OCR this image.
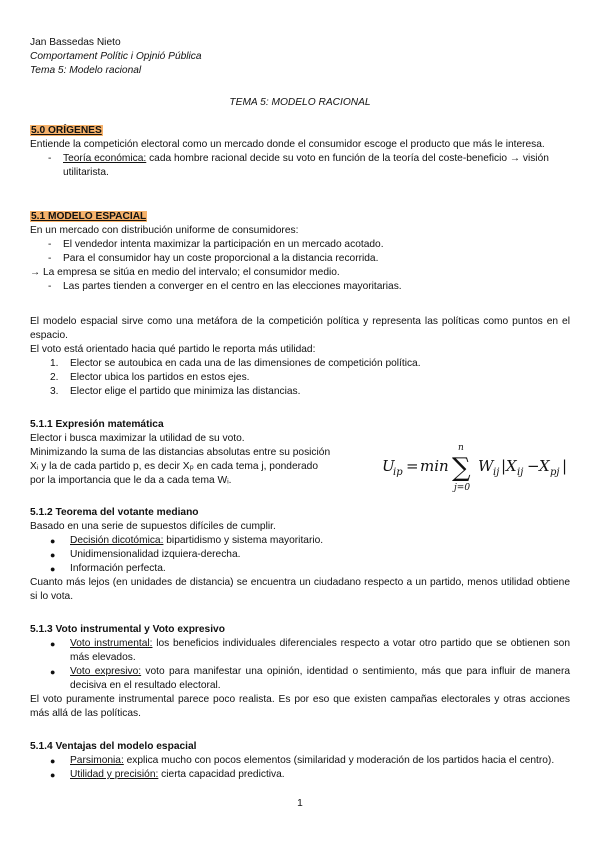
Jan Bassedas Nieto
Comportament Polític i Opjnió Pública
Tema 5: Modelo racional
TEMA 5: MODELO RACIONAL
5.0 ORÍGENES
Entiende la competición electoral como un mercado donde el consumidor escoge el producto que más le interesa.
- Teoría económica: cada hombre racional decide su voto en función de la teoría del coste-beneficio → visión utilitarista.
5.1 MODELO ESPACIAL
En un mercado con distribución uniforme de consumidores:
- El vendedor intenta maximizar la participación en un mercado acotado.
- Para el consumidor hay un coste proporcional a la distancia recorrida.
→ La empresa se sitúa en medio del intervalo; el consumidor medio.
- Las partes tienden a converger en el centro en las elecciones mayoritarias.
El modelo espacial sirve como una metáfora de la competición política y representa las políticas como puntos en el espacio.
El voto está orientado hacia qué partido le reporta más utilidad:
1. Elector se autoubica en cada una de las dimensiones de competición política.
2. Elector ubica los partidos en estos ejes.
3. Elector elige el partido que minimiza las distancias.
5.1.1 Expresión matemática
Elector i busca maximizar la utilidad de su voto.
Minimizando la suma de las distancias absolutas entre su posición
Xᵢ y la de cada partido p, es decir Xₚ en cada tema j, ponderado
por la importancia que le da a cada tema Wᵢ.
U
ip = min ∑
n
j=0
W ij | X ij − X pj |
5.1.2 Teorema del votante mediano
Basado en una serie de supuestos difíciles de cumplir.
● Decisión dicotómica: bipartidismo y sistema mayoritario.
● Unidimensionalidad izquiera-derecha.
● Información perfecta.
Cuanto más lejos (en unidades de distancia) se encuentra un ciudadano respecto a un partido, menos utilidad obtiene si lo vota.
5.1.3 Voto instrumental y Voto expresivo
● Voto instrumental: los beneficios individuales diferenciales respecto a votar otro partido que se obtienen son más elevados.
● Voto expresivo: voto para manifestar una opinión, identidad o sentimiento, más que para influir de manera decisiva en el resultado electoral.
El voto puramente instrumental parece poco realista. Es por eso que existen campañas electorales y otras acciones más allá de las políticas.
5.1.4 Ventajas del modelo espacial
● Parsimonia: explica mucho con pocos elementos (similaridad y moderación de los partidos hacia el centro).
● Utilidad y precisión: cierta capacidad predictiva.
1
